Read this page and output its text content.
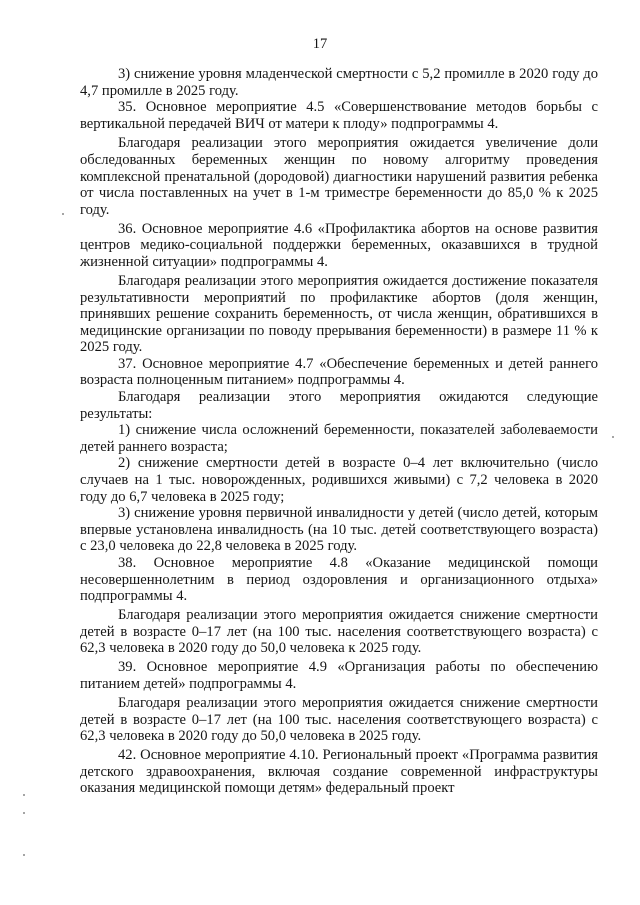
17

3) снижение уровня младенческой смертности с 5,2 промилле в 2020 году до 4,7 промилле в 2025 году.

35. Основное мероприятие 4.5 «Совершенствование методов борьбы с вертикальной передачей ВИЧ от матери к плоду» подпрограммы 4.

Благодаря реализации этого мероприятия ожидается увеличение доли обследованных беременных женщин по новому алгоритму проведения комплексной пренатальной (дородовой) диагностики нарушений развития ребенка от числа поставленных на учет в 1-м триместре беременности до 85,0 % к 2025 году.

36. Основное мероприятие 4.6 «Профилактика абортов на основе развития центров медико-социальной поддержки беременных, оказавшихся в трудной жизненной ситуации» подпрограммы 4.

Благодаря реализации этого мероприятия ожидается достижение показателя результативности мероприятий по профилактике абортов (доля женщин, принявших решение сохранить беременность, от числа женщин, обратившихся в медицинские организации по поводу прерывания беременности) в размере 11 % к 2025 году.

37. Основное мероприятие 4.7 «Обеспечение беременных и детей раннего возраста полноценным питанием» подпрограммы 4.

Благодаря реализации этого мероприятия ожидаются следующие результаты:

1) снижение числа осложнений беременности, показателей заболеваемости детей раннего возраста;

2) снижение смертности детей в возрасте 0–4 лет включительно (число случаев на 1 тыс. новорожденных, родившихся живыми) с 7,2 человека в 2020 году до 6,7 человека в 2025 году;

3) снижение уровня первичной инвалидности у детей (число детей, которым впервые установлена инвалидность (на 10 тыс. детей соответствующего возраста) с 23,0 человека до 22,8 человека в 2025 году.

38. Основное мероприятие 4.8 «Оказание медицинской помощи несовершеннолетним в период оздоровления и организационного отдыха» подпрограммы 4.

Благодаря реализации этого мероприятия ожидается снижение смертности детей в возрасте 0–17 лет (на 100 тыс. населения соответствующего возраста) с 62,3 человека в 2020 году до 50,0 человека к 2025 году.

39. Основное мероприятие 4.9 «Организация работы по обеспечению питанием детей» подпрограммы 4.

Благодаря реализации этого мероприятия ожидается снижение смертности детей в возрасте 0–17 лет (на 100 тыс. населения соответствующего возраста) с 62,3 человека в 2020 году до 50,0 человека в 2025 году.

42. Основное мероприятие 4.10. Региональный проект «Программа развития детского здравоохранения, включая создание современной инфраструктуры оказания медицинской помощи детям» федеральный проект
